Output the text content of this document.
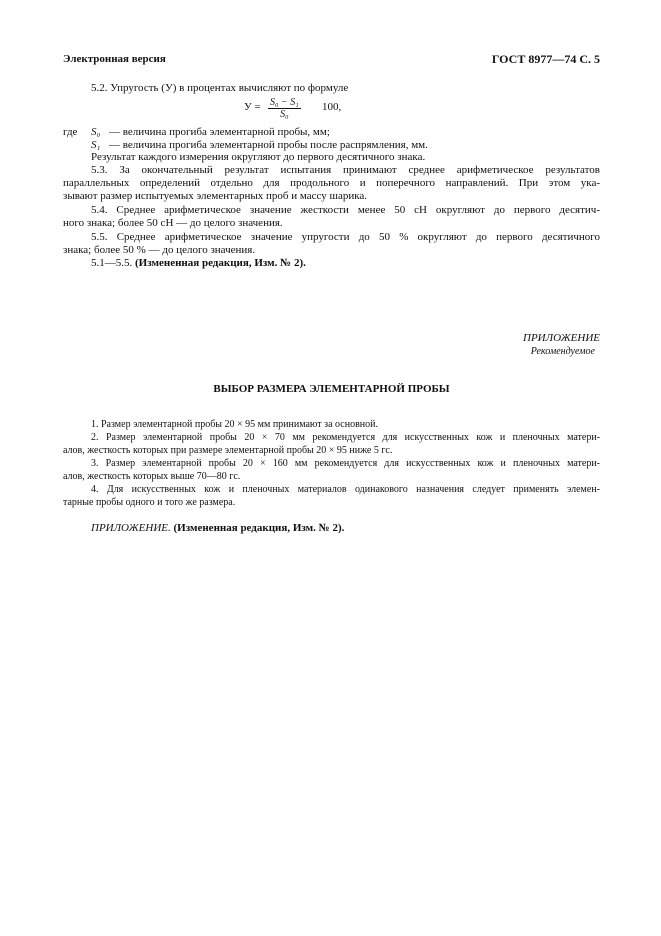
Электронная версия	ГОСТ 8977—74 С. 5
5.2. Упругость (У) в процентах вычисляют по формуле
$У = \frac{\text{S₀ − S₁}}{\text{S₀}} 100$,
где S₀ — величина прогиба элементарной пробы, мм;
S₁ — величина прогиба элементарной пробы после распрямления, мм.
Результат каждого измерения округляют до первого десятичного знака.
5.3. За окончательный результат испытания принимают среднее арифметическое результатов
параллельных определений отдельно для продольного и поперечного направлений. При этом ука-
зывают размер испытуемых элементарных проб и массу шарика.
5.4. Среднее арифметическое значение жесткости менее 50 сН округляют до первого десятич-
ного знака; более 50 сН — до целого значения.
5.5. Среднее арифметическое значение упругости до 50 % округляют до первого десятичного
знака; более 50 % — до целого значения.
5.1—5.5. (Измененная редакция, Изм. № 2).
ПРИЛОЖЕНИЕ
Рекомендуемое
ВЫБОР РАЗМЕРА ЭЛЕМЕНТАРНОЙ ПРОБЫ
1. Размер элементарной пробы 20 × 95 мм принимают за основной.
2. Размер элементарной пробы 20 × 70 мм рекомендуется для искусственных кож и пленочных матери-
алов, жесткость которых при размере элементарной пробы 20 × 95 ниже 5 гс.
3. Размер элементарной пробы 20 × 160 мм рекомендуется для искусственных кож и пленочных матери-
алов, жесткость которых выше 70—80 гс.
4. Для искусственных кож и пленочных материалов одинакового назначения следует применять элемен-
тарные пробы одного и того же размера.
ПРИЛОЖЕНИЕ. (Измененная редакция, Изм. № 2).
